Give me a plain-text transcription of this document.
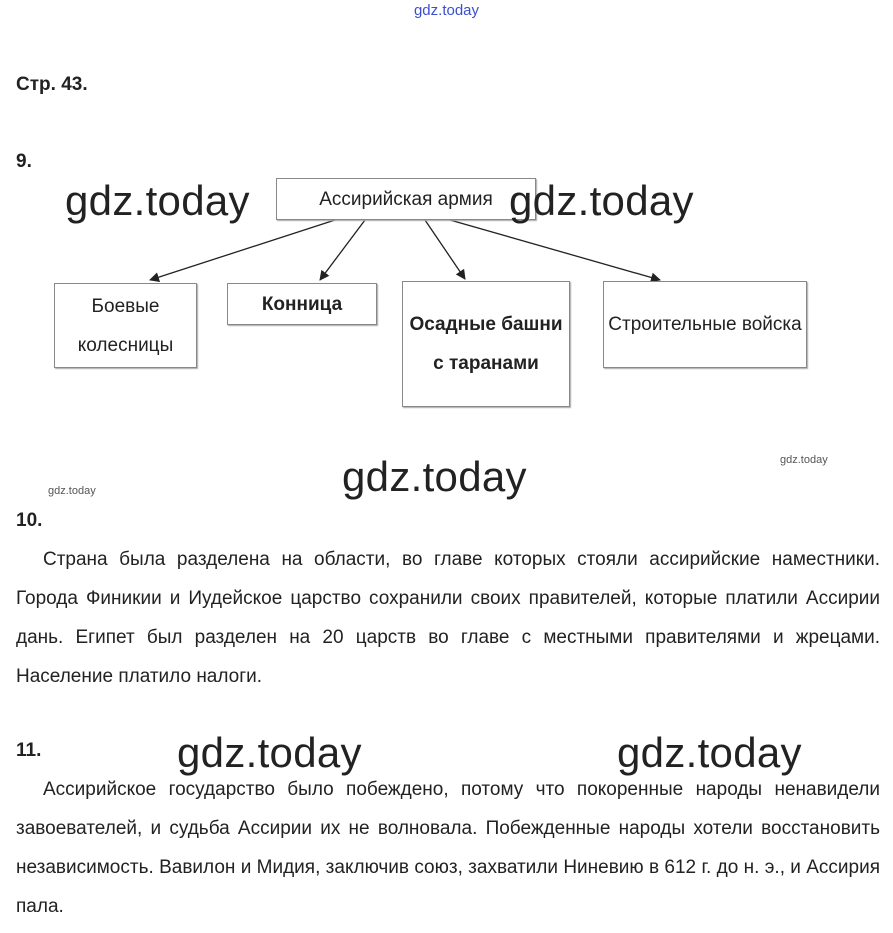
gdz.today
Стр. 43.
9.
Ассирийская армия
Боевые колесницы
Конница
Осадные башни с таранами
Строительные войска
gdz.today	gdz.today
gdz.today	gdz.today
gdz.today
10.
Страна была разделена на области, во главе которых стояли ассирийские наместники. Города Финикии и Иудейское царство сохранили своих правителей, которые платили Ассирии дань. Египет был разделен на 20 царств во главе с местными правителями и жрецами. Население платило налоги.
11.	gdz.today	gdz.today
Ассирийское государство было побеждено, потому что покоренные народы ненавидели завоевателей, и судьба Ассирии их не волновала. Побежденные народы хотели восстановить независимость. Вавилон и Мидия, заключив союз, захватили Ниневию в 612 г. до н. э., и Ассирия пала.
